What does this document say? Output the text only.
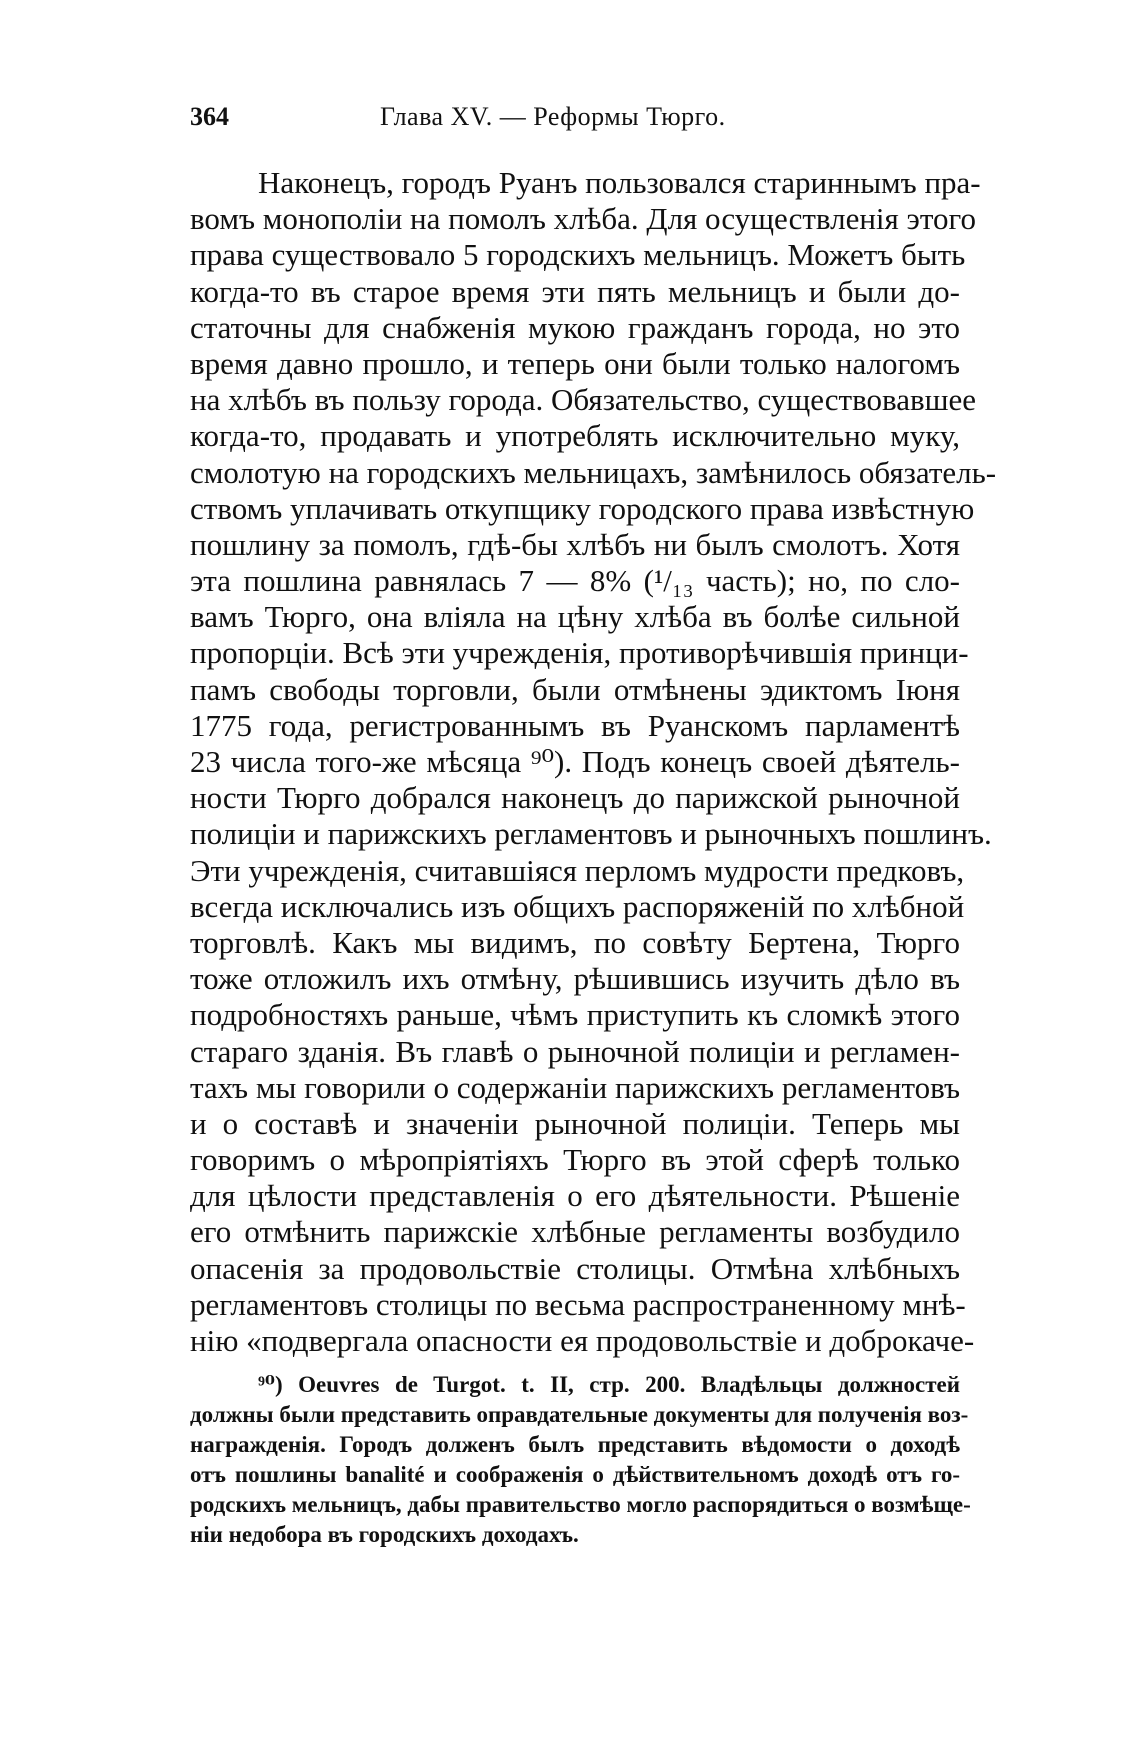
364	Глава XV. — Реформы Тюрго.
Наконецъ, городъ Руанъ пользовался стариннымъ пра-
вомъ монополіи на помолъ хлѣба. Для осуществленія этого
права существовало 5 городскихъ мельницъ. Можетъ быть
когда-то въ старое время эти пять мельницъ и были до-
статочны для снабженія мукою гражданъ города, но это
время давно прошло, и теперь они были только налогомъ
на хлѣбъ въ пользу города. Обязательство, существовавшее
когда-то, продавать и употреблять исключительно муку,
смолотую на городскихъ мельницахъ, замѣнилось обязатель-
ствомъ уплачивать откупщику городского права извѣстную
пошлину за помолъ, гдѣ-бы хлѣбъ ни былъ смолотъ. Хотя
эта пошлина равнялась 7 — 8% (¹/₁₃ часть); но, по сло-
вамъ Тюрго, она вліяла на цѣну хлѣба въ болѣе сильной
пропорціи. Всѣ эти учрежденія, противорѣчившія принци-
памъ свободы торговли, были отмѣнены эдиктомъ Іюня
1775 года, регистрованнымъ въ Руанскомъ парламентѣ
23 числа того-же мѣсяца ⁹⁰). Подъ конецъ своей дѣятель-
ности Тюрго добрался наконецъ до парижской рыночной
полиціи и парижскихъ регламентовъ и рыночныхъ пошлинъ.
Эти учрежденія, считавшіяся перломъ мудрости предковъ,
всегда исключались изъ общихъ распоряженій по хлѣбной
торговлѣ. Какъ мы видимъ, по совѣту Бертена, Тюрго
тоже отложилъ ихъ отмѣну, рѣшившись изучить дѣло въ
подробностяхъ раньше, чѣмъ приступить къ сломкѣ этого
стараго зданія. Въ главѣ о рыночной полиціи и регламен-
тахъ мы говорили о содержаніи парижскихъ регламентовъ
и о составѣ и значеніи рыночной полиціи. Теперь мы
говоримъ о мѣропріятіяхъ Тюрго въ этой сферѣ только
для цѣлости представленія о его дѣятельности. Рѣшеніе
его отмѣнить парижскіе хлѣбные регламенты возбудило
опасенія за продовольствіе столицы. Отмѣна хлѣбныхъ
регламентовъ столицы по весьма распространенному мнѣ-
нію «подвергала опасности ея продовольствіе и доброкаче-
⁹⁰) Oeuvres de Turgot. t. II, стр. 200. Владѣльцы должностей
должны были представить оправдательные документы для полученія воз-
награжденія. Городъ долженъ былъ представить вѣдомости о доходѣ
отъ пошлины banalité и соображенія о дѣйствительномъ доходѣ отъ го-
родскихъ мельницъ, дабы правительство могло распорядиться о возмѣще-
ніи недобора въ городскихъ доходахъ.
